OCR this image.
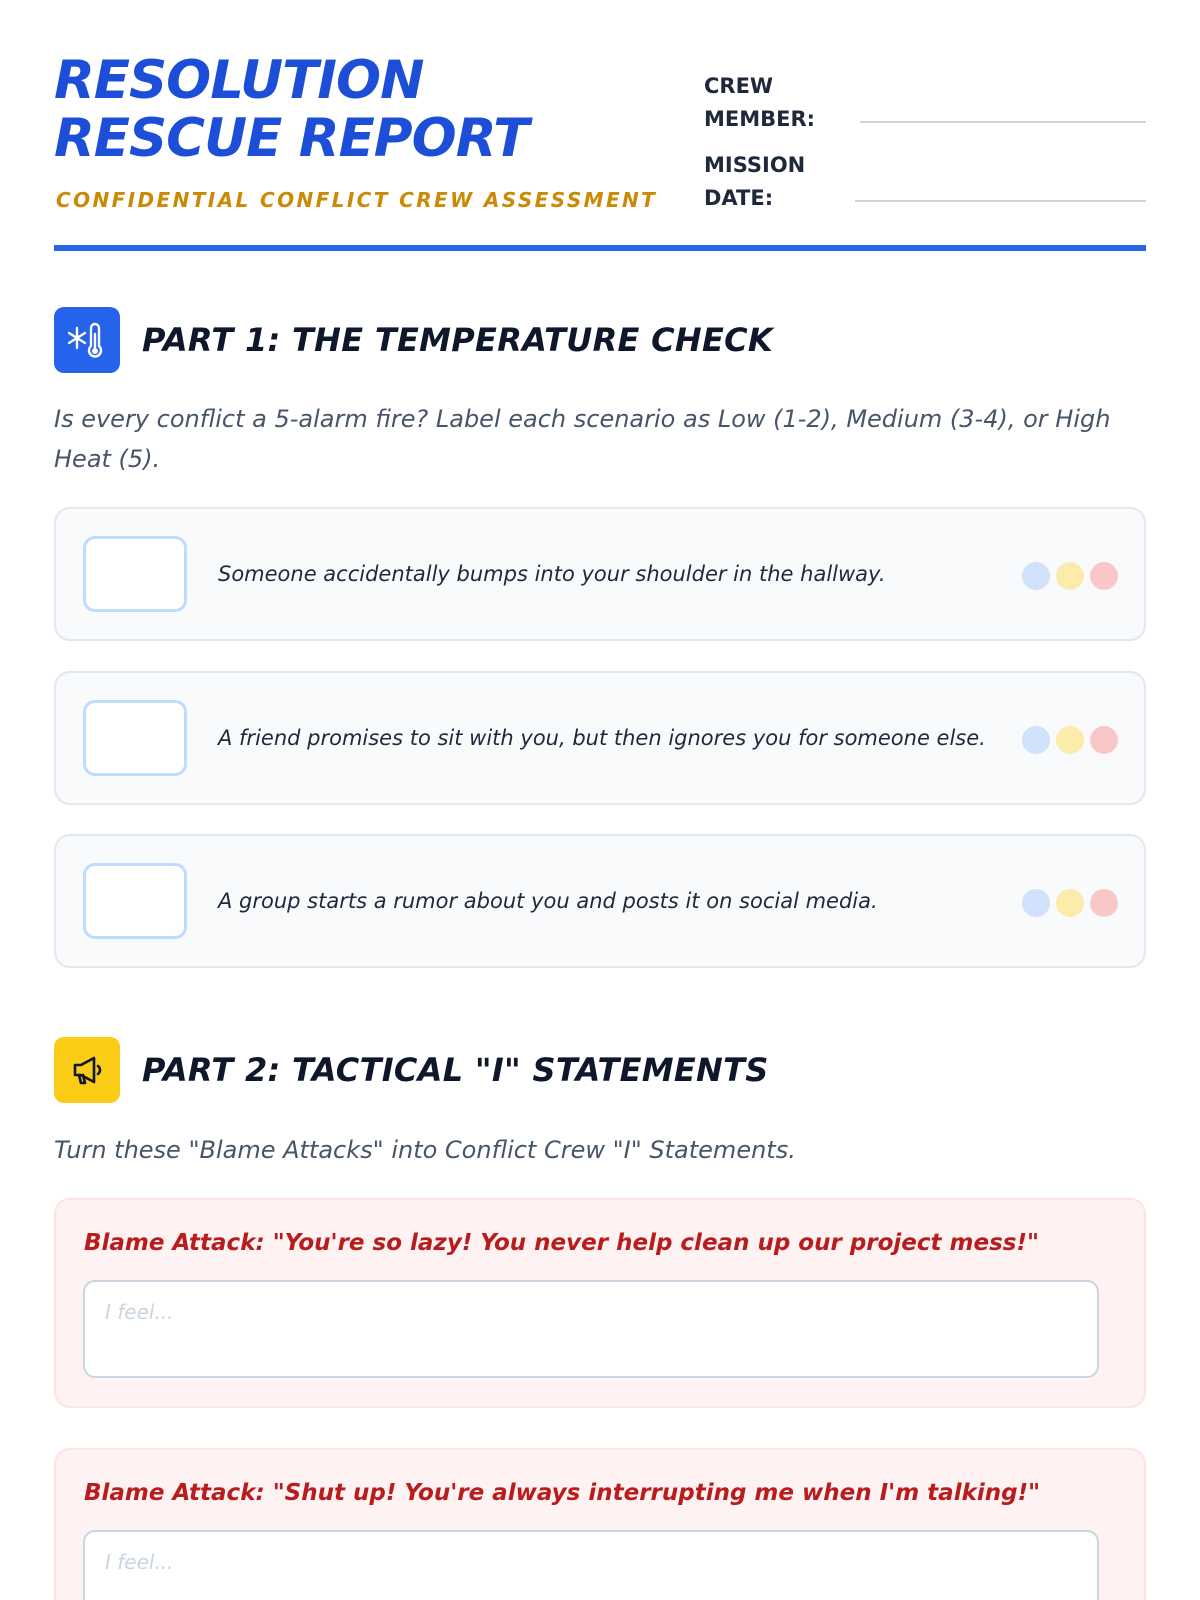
RESOLUTION
RESCUE REPORT
CONFIDENTIAL CONFLICT CREW ASSESSMENT
CREW
MEMBER:
MISSION
DATE:
PART 1: THE TEMPERATURE CHECK
Is every conflict a 5-alarm fire? Label each scenario as Low (1-2), Medium (3-4), or High Heat (5).
Someone accidentally bumps into your shoulder in the hallway.
A friend promises to sit with you, but then ignores you for someone else.
A group starts a rumor about you and posts it on social media.
PART 2: TACTICAL "I" STATEMENTS
Turn these "Blame Attacks" into Conflict Crew "I" Statements.
Blame Attack: "You're so lazy! You never help clean up our project mess!"
I feel...
Blame Attack: "Shut up! You're always interrupting me when I'm talking!"
I feel...
